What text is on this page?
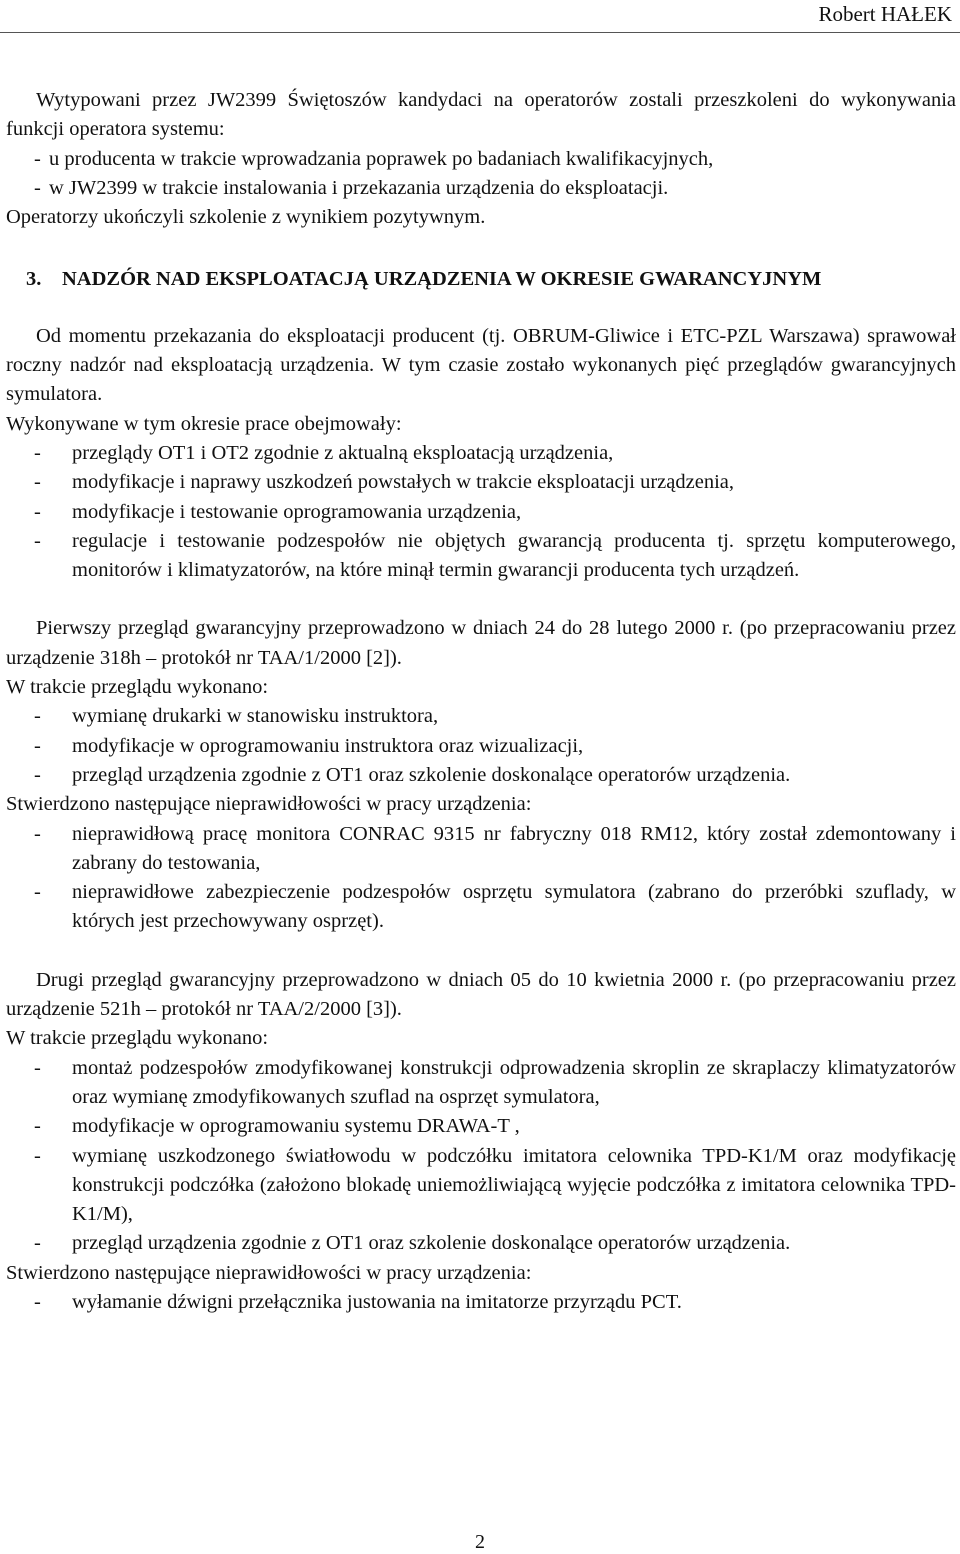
Robert HAŁEK

Wytypowani przez JW2399 Świętoszów kandydaci na operatorów zostali przeszkoleni do wykonywania funkcji operatora systemu:

- u producenta w trakcie wprowadzania poprawek po badaniach kwalifikacyjnych,

- w JW2399 w trakcie instalowania i przekazania urządzenia do eksploatacji.

Operatorzy ukończyli szkolenie z wynikiem pozytywnym.

3. NADZÓR NAD EKSPLOATACJĄ URZĄDZENIA W OKRESIE GWARANCYJNYM

Od momentu przekazania do eksploatacji producent (tj. OBRUM-Gliwice i ETC-PZL Warszawa) sprawował roczny nadzór nad eksploatacją urządzenia. W tym czasie zostało wykonanych pięć przeglądów gwarancyjnych symulatora.

Wykonywane w tym okresie prace obejmowały:

- przeglądy OT1 i OT2 zgodnie z aktualną eksploatacją urządzenia,

- modyfikacje i naprawy uszkodzeń powstałych w trakcie eksploatacji urządzenia,

- modyfikacje i testowanie oprogramowania urządzenia,

- regulacje i testowanie podzespołów nie objętych gwarancją producenta tj. sprzętu komputerowego, monitorów i klimatyzatorów, na które minął termin gwarancji producenta tych urządzeń.

Pierwszy przegląd gwarancyjny przeprowadzono w dniach 24 do 28 lutego 2000 r. (po przepracowaniu przez urządzenie 318h – protokół nr TAA/1/2000 [2]).

W trakcie przeglądu wykonano:

- wymianę drukarki w stanowisku instruktora,

- modyfikacje w oprogramowaniu instruktora oraz wizualizacji,

- przegląd urządzenia zgodnie z OT1 oraz szkolenie doskonalące operatorów urządzenia.

Stwierdzono następujące nieprawidłowości w pracy urządzenia:

- nieprawidłową pracę monitora CONRAC 9315 nr fabryczny 018 RM12, który został zdemontowany i zabrany do testowania,

- nieprawidłowe zabezpieczenie podzespołów osprzętu symulatora (zabrano do przeróbki szuflady, w których jest przechowywany osprzęt).

Drugi przegląd gwarancyjny przeprowadzono w dniach 05 do 10 kwietnia 2000 r. (po przepracowaniu przez urządzenie 521h – protokół nr TAA/2/2000 [3]).

W trakcie przeglądu wykonano:

- montaż podzespołów zmodyfikowanej konstrukcji odprowadzenia skroplin ze skraplaczy klimatyzatorów oraz wymianę zmodyfikowanych szuflad na osprzęt symulatora,

- modyfikacje w oprogramowaniu systemu DRAWA-T ,

- wymianę uszkodzonego światłowodu w podczółku imitatora celownika TPD-K1/M oraz modyfikację konstrukcji podczółka (założono blokadę uniemożliwiającą wyjęcie podczółka z imitatora celownika TPD-K1/M),

- przegląd urządzenia zgodnie z OT1 oraz szkolenie doskonalące operatorów urządzenia.

Stwierdzono następujące nieprawidłowości w pracy urządzenia:

- wyłamanie dźwigni przełącznika justowania na imitatorze przyrządu PCT.

2
